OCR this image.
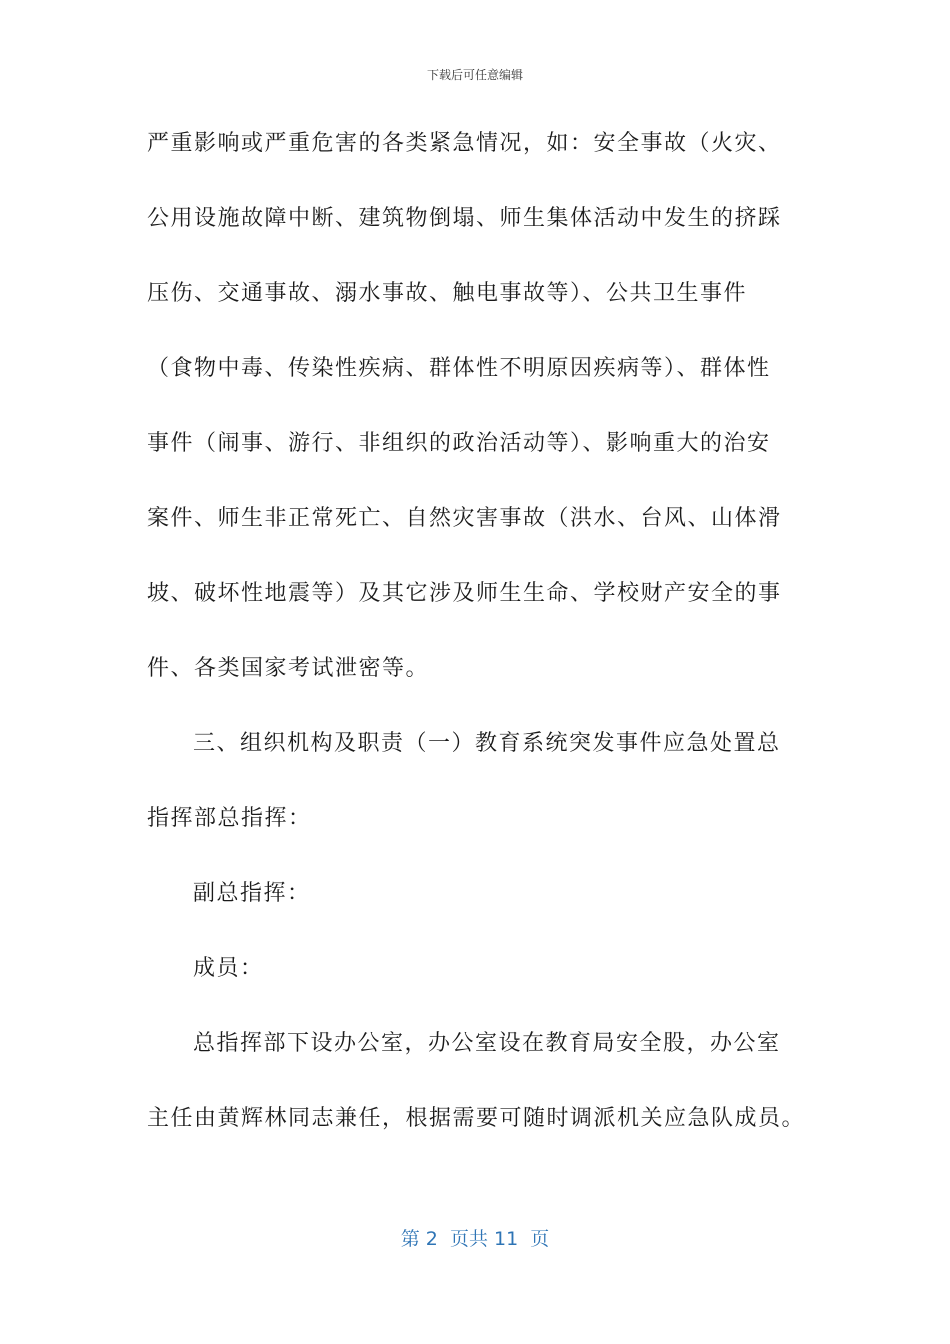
下载后可任意编辑
严重影响或严重危害的各类紧急情况，如：安全事故（火灾、
公用设施故障中断、建筑物倒塌、师生集体活动中发生的挤踩
压伤、交通事故、溺水事故、触电事故等）、公共卫生事件
（食物中毒、传染性疾病、群体性不明原因疾病等）、群体性
事件（闹事、游行、非组织的政治活动等）、影响重大的治安
案件、师生非正常死亡、自然灾害事故（洪水、台风、山体滑
坡、破坏性地震等）及其它涉及师生生命、学校财产安全的事
件、各类国家考试泄密等。
三、组织机构及职责（一）教育系统突发事件应急处置总
指挥部总指挥：
副总指挥：
成员：
总指挥部下设办公室，办公室设在教育局安全股，办公室
主任由黄辉林同志兼任，根据需要可随时调派机关应急队成员。
第 2  页共 11  页
